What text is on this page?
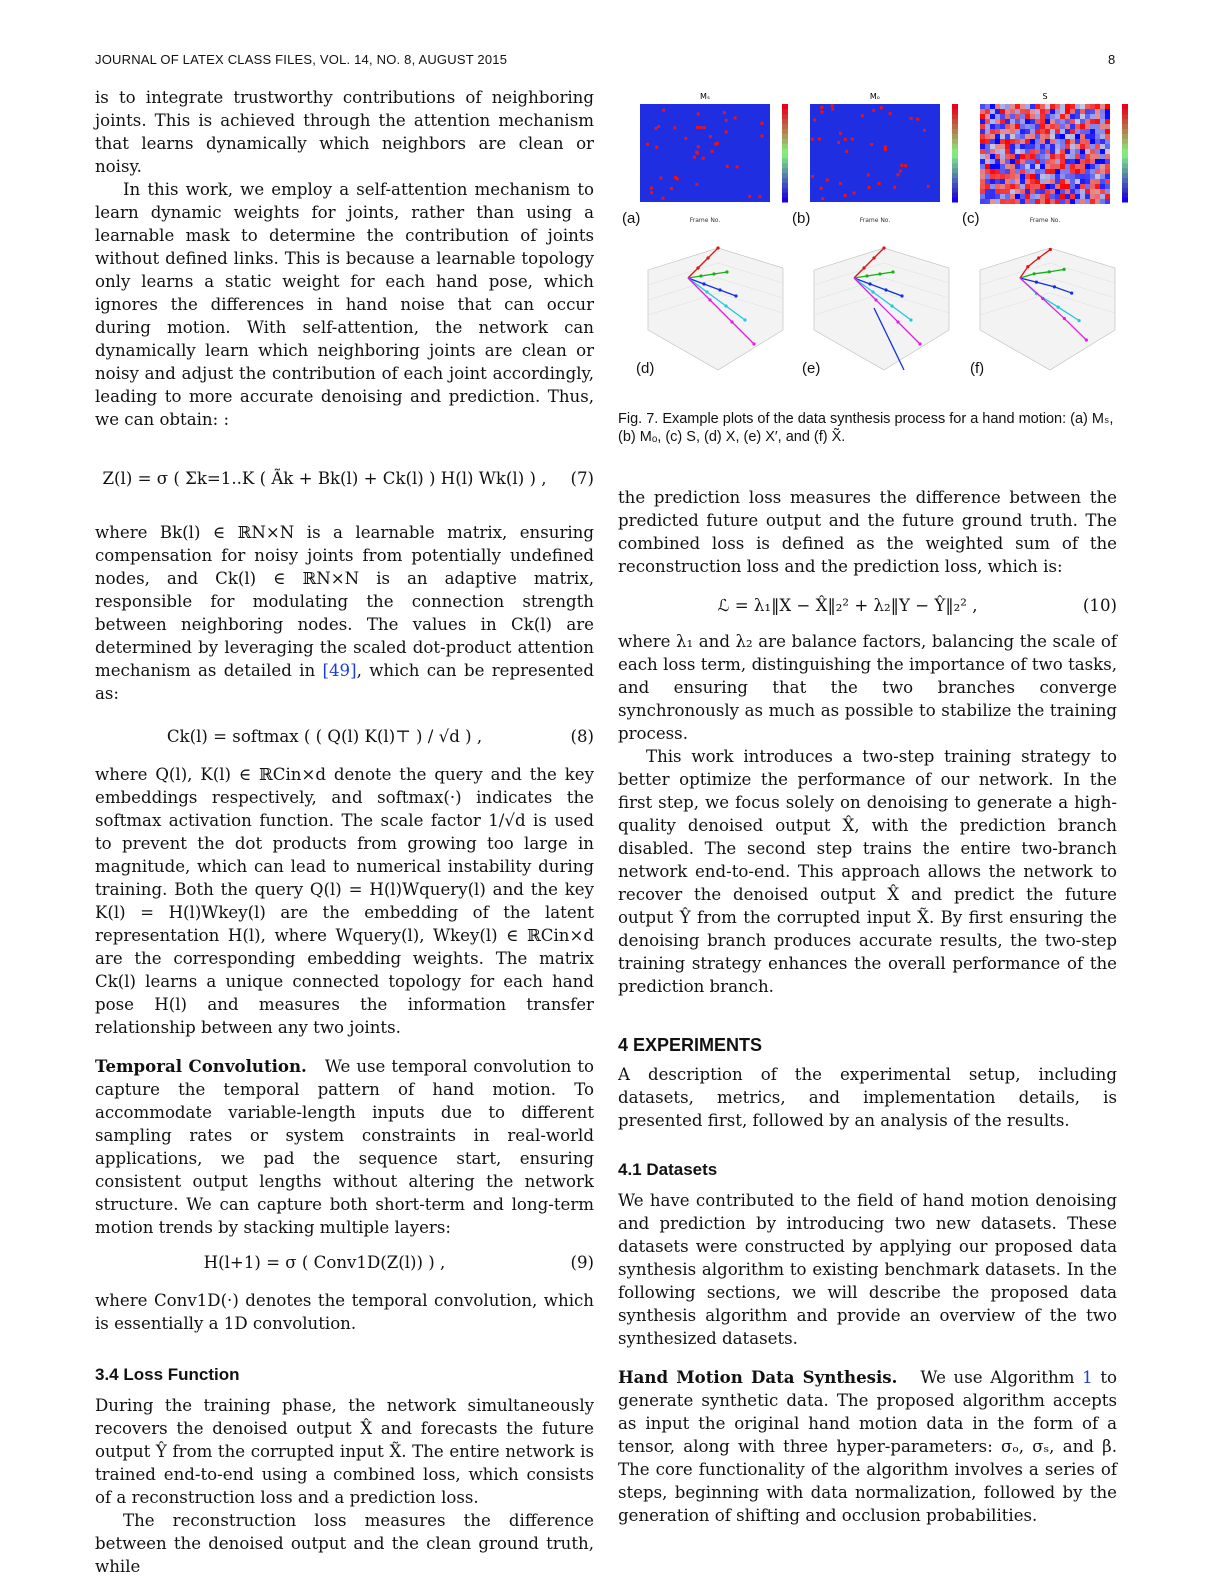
JOURNAL OF LATEX CLASS FILES, VOL. 14, NO. 8, AUGUST 2015	8

is to integrate trustworthy contributions of neighboring joints. This is achieved through the attention mechanism that learns dynamically which neighbors are clean or noisy.

In this work, we employ a self-attention mechanism to learn dynamic weights for joints, rather than using a learnable mask to determine the contribution of joints without defined links. This is because a learnable topology only learns a static weight for each hand pose, which ignores the differences in hand noise that can occur during motion. With self-attention, the network can dynamically learn which neighboring joints are clean or noisy and adjust the contribution of each joint accordingly, leading to more accurate denoising and prediction. Thus, we can obtain: :

Z(l) = σ ( Σk=1..K ( Ãk + Bk(l) + Ck(l) ) H(l) Wk(l) ) ,	(7)

where Bk(l) ∈ ℝN×N is a learnable matrix, ensuring compensation for noisy joints from potentially undefined nodes, and Ck(l) ∈ ℝN×N is an adaptive matrix, responsible for modulating the connection strength between neighboring nodes. The values in Ck(l) are determined by leveraging the scaled dot-product attention mechanism as detailed in [49], which can be represented as:

Ck(l) = softmax ( ( Q(l) K(l)⊤ ) / √d ) ,	(8)

where Q(l), K(l) ∈ ℝCin×d denote the query and the key embeddings respectively, and softmax(·) indicates the softmax activation function. The scale factor 1/√d is used to prevent the dot products from growing too large in magnitude, which can lead to numerical instability during training. Both the query Q(l) = H(l)Wquery(l) and the key K(l) = H(l)Wkey(l) are the embedding of the latent representation H(l), where Wquery(l), Wkey(l) ∈ ℝCin×d are the corresponding embedding weights. The matrix Ck(l) learns a unique connected topology for each hand pose H(l) and measures the information transfer relationship between any two joints.

Temporal Convolution. We use temporal convolution to capture the temporal pattern of hand motion. To accommodate variable-length inputs due to different sampling rates or system constraints in real-world applications, we pad the sequence start, ensuring consistent output lengths without altering the network structure. We can capture both short-term and long-term motion trends by stacking multiple layers:

H(l+1) = σ ( Conv1D(Z(l)) ) ,	(9)

where Conv1D(·) denotes the temporal convolution, which is essentially a 1D convolution.

3.4 Loss Function

During the training phase, the network simultaneously recovers the denoised output X̂ and forecasts the future output Ŷ from the corrupted input X̃. The entire network is trained end-to-end using a combined loss, which consists of a reconstruction loss and a prediction loss.

The reconstruction loss measures the difference between the denoised output and the clean ground truth, while

Mₛ
Frame No.
Mₒ
Frame No.
S
Frame No.
(a)	(b)	(c)
(d)	(e)	(f)
Fig. 7. Example plots of the data synthesis process for a hand motion: (a) Mₛ, (b) Mₒ, (c) S, (d) X, (e) X′, and (f) X̃.

the prediction loss measures the difference between the predicted future output and the future ground truth. The combined loss is defined as the weighted sum of the reconstruction loss and the prediction loss, which is:

ℒ = λ₁‖X − X̂‖₂² + λ₂‖Y − Ŷ‖₂² ,	(10)

where λ₁ and λ₂ are balance factors, balancing the scale of each loss term, distinguishing the importance of two tasks, and ensuring that the two branches converge synchronously as much as possible to stabilize the training process.

This work introduces a two-step training strategy to better optimize the performance of our network. In the first step, we focus solely on denoising to generate a high-quality denoised output X̂, with the prediction branch disabled. The second step trains the entire two-branch network end-to-end. This approach allows the network to recover the denoised output X̂ and predict the future output Ŷ from the corrupted input X̃. By first ensuring the denoising branch produces accurate results, the two-step training strategy enhances the overall performance of the prediction branch.

4 EXPERIMENTS

A description of the experimental setup, including datasets, metrics, and implementation details, is presented first, followed by an analysis of the results.

4.1 Datasets

We have contributed to the field of hand motion denoising and prediction by introducing two new datasets. These datasets were constructed by applying our proposed data synthesis algorithm to existing benchmark datasets. In the following sections, we will describe the proposed data synthesis algorithm and provide an overview of the two synthesized datasets.

Hand Motion Data Synthesis. We use Algorithm 1 to generate synthetic data. The proposed algorithm accepts as input the original hand motion data in the form of a tensor, along with three hyper-parameters: σₒ, σₛ, and β. The core functionality of the algorithm involves a series of steps, beginning with data normalization, followed by the generation of shifting and occlusion probabilities.
